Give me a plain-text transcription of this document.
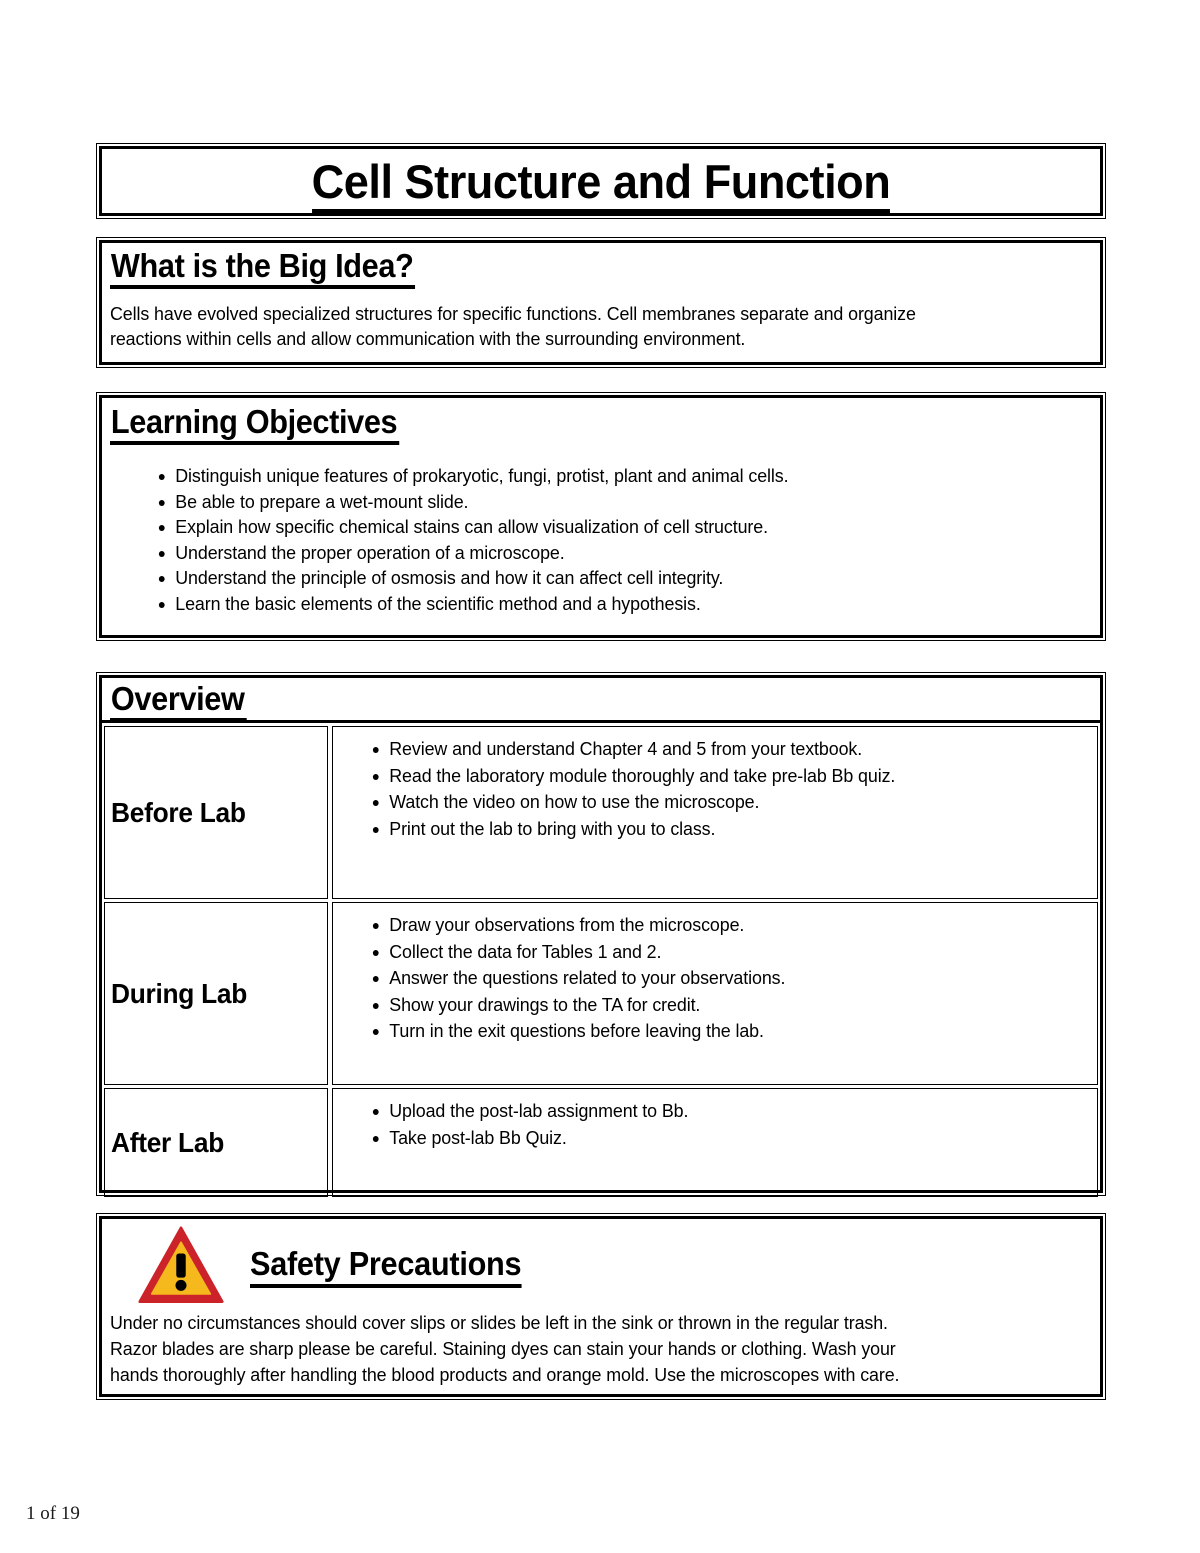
Cell Structure and Function
What is the Big Idea?
Cells have evolved specialized structures for specific functions. Cell membranes separate and organize
reactions within cells and allow communication with the surrounding environment.
Learning Objectives
Distinguish unique features of prokaryotic, fungi, protist, plant and animal cells.
Be able to prepare a wet-mount slide.
Explain how specific chemical stains can allow visualization of cell structure.
Understand the proper operation of a microscope.
Understand the principle of osmosis and how it can affect cell integrity.
Learn the basic elements of the scientific method and a hypothesis.
Overview
Before Lab
Review and understand Chapter 4 and 5 from your textbook.
Read the laboratory module thoroughly and take pre-lab Bb quiz.
Watch the video on how to use the microscope.
Print out the lab to bring with you to class.
During Lab
Draw your observations from the microscope.
Collect the data for Tables 1 and 2.
Answer the questions related to your observations.
Show your drawings to the TA for credit.
Turn in the exit questions before leaving the lab.
After Lab
Upload the post-lab assignment to Bb.
Take post-lab Bb Quiz.
Safety Precautions
Under no circumstances should cover slips or slides be left in the sink or thrown in the regular trash.
Razor blades are sharp please be careful. Staining dyes can stain your hands or clothing. Wash your
hands thoroughly after handling the blood products and orange mold. Use the microscopes with care.
1 of 19
